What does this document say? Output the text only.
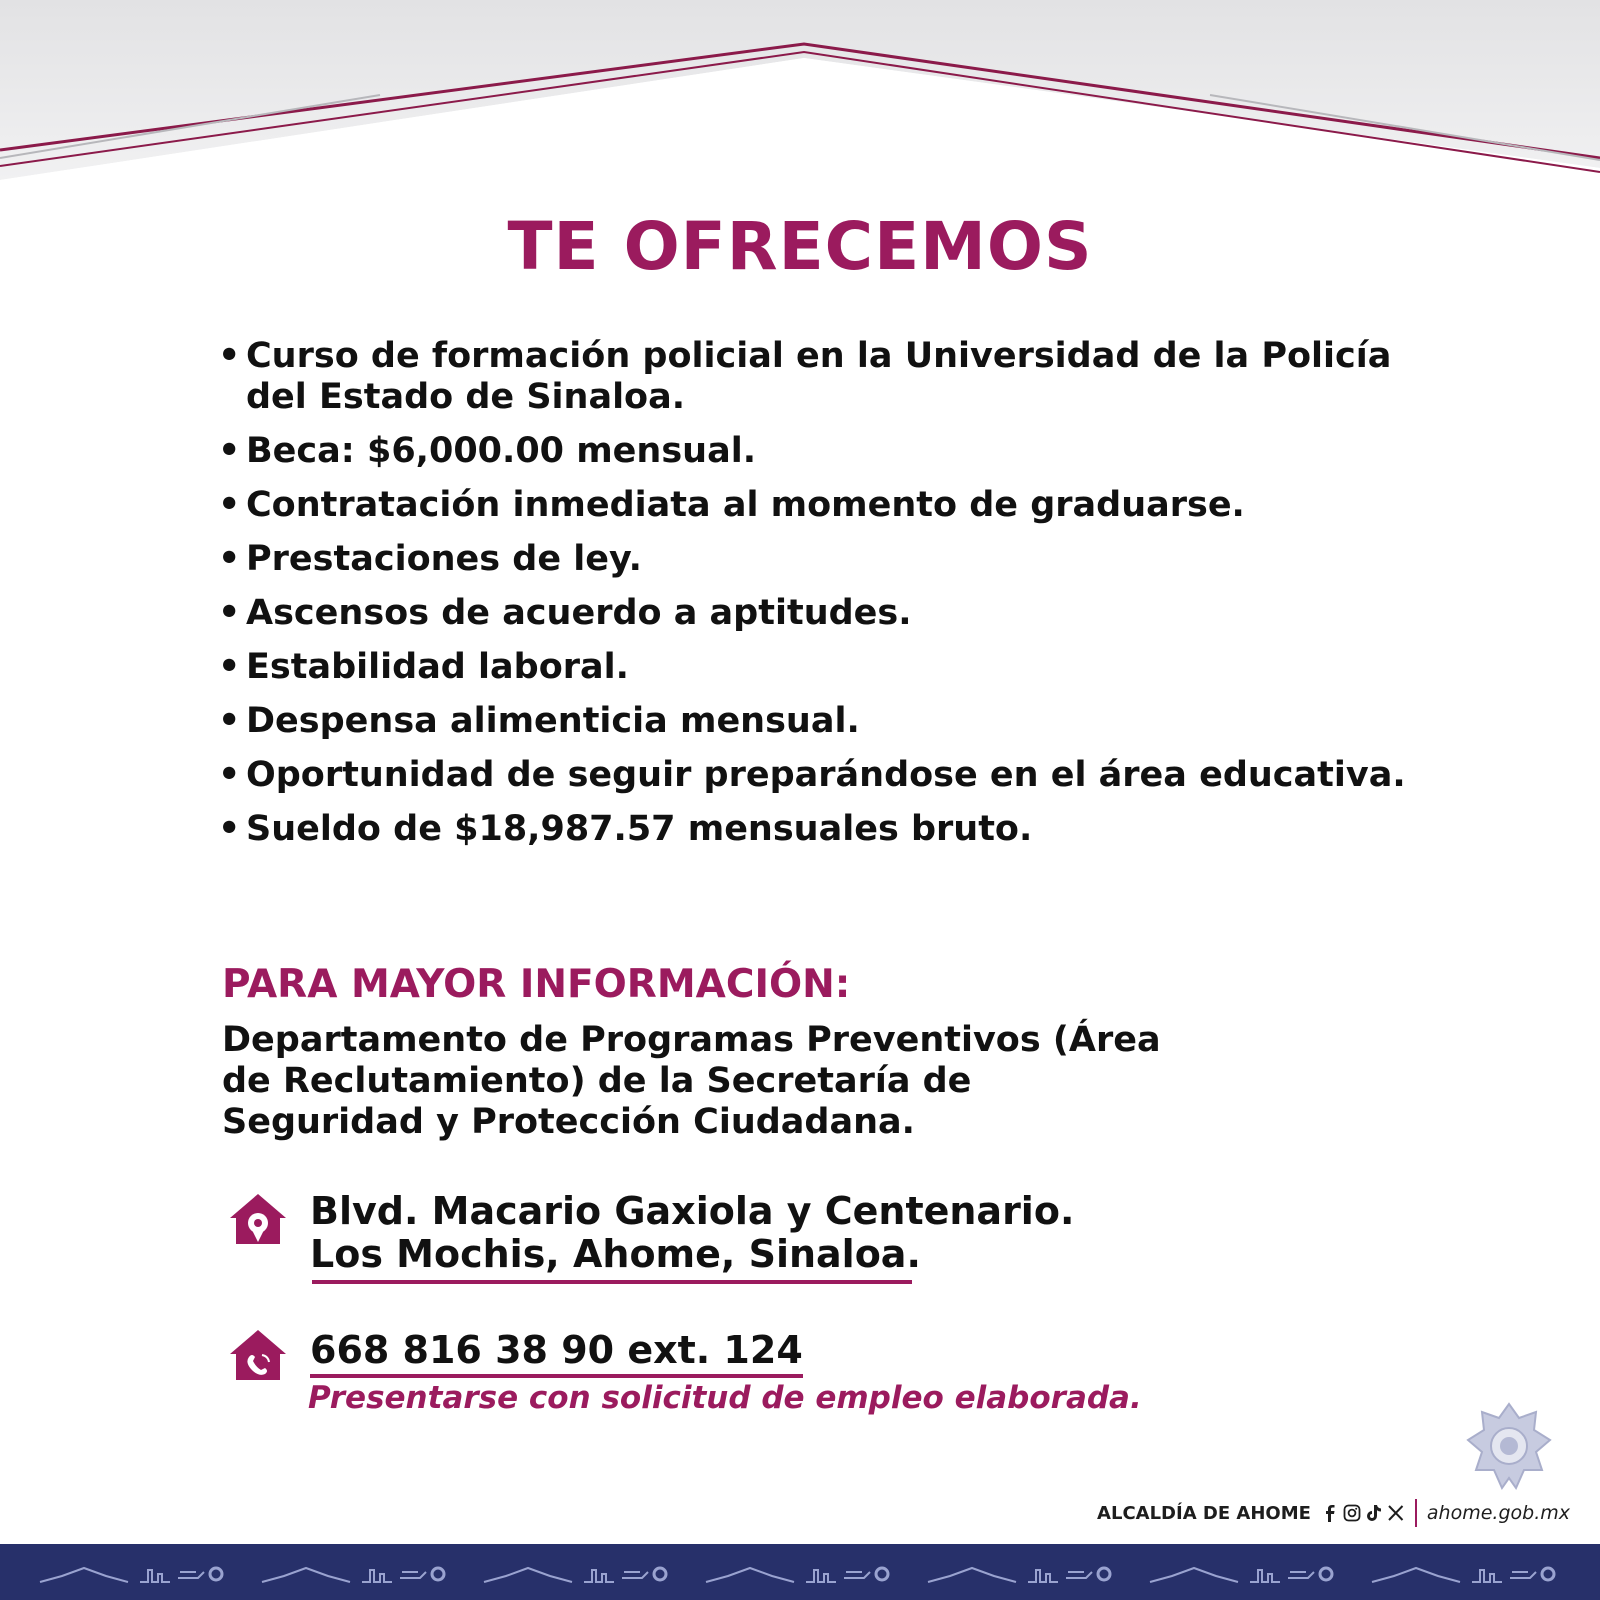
TE OFRECEMOS
• Curso de formación policial en la Universidad de la Policía del Estado de Sinaloa.
• Beca: $6,000.00 mensual.
• Contratación inmediata al momento de graduarse.
• Prestaciones de ley.
• Ascensos de acuerdo a aptitudes.
• Estabilidad laboral.
• Despensa alimenticia mensual.
• Oportunidad de seguir preparándose en el área educativa.
• Sueldo de $18,987.57 mensuales bruto.
PARA MAYOR INFORMACIÓN:
Departamento de Programas Preventivos (Área de Reclutamiento) de la Secretaría de Seguridad y Protección Ciudadana.
Blvd. Macario Gaxiola y Centenario.
Los Mochis, Ahome, Sinaloa.
668 816 38 90 ext. 124
Presentarse con solicitud de empleo elaborada.
ALCALDÍA DE AHOME	ahome.gob.mx
